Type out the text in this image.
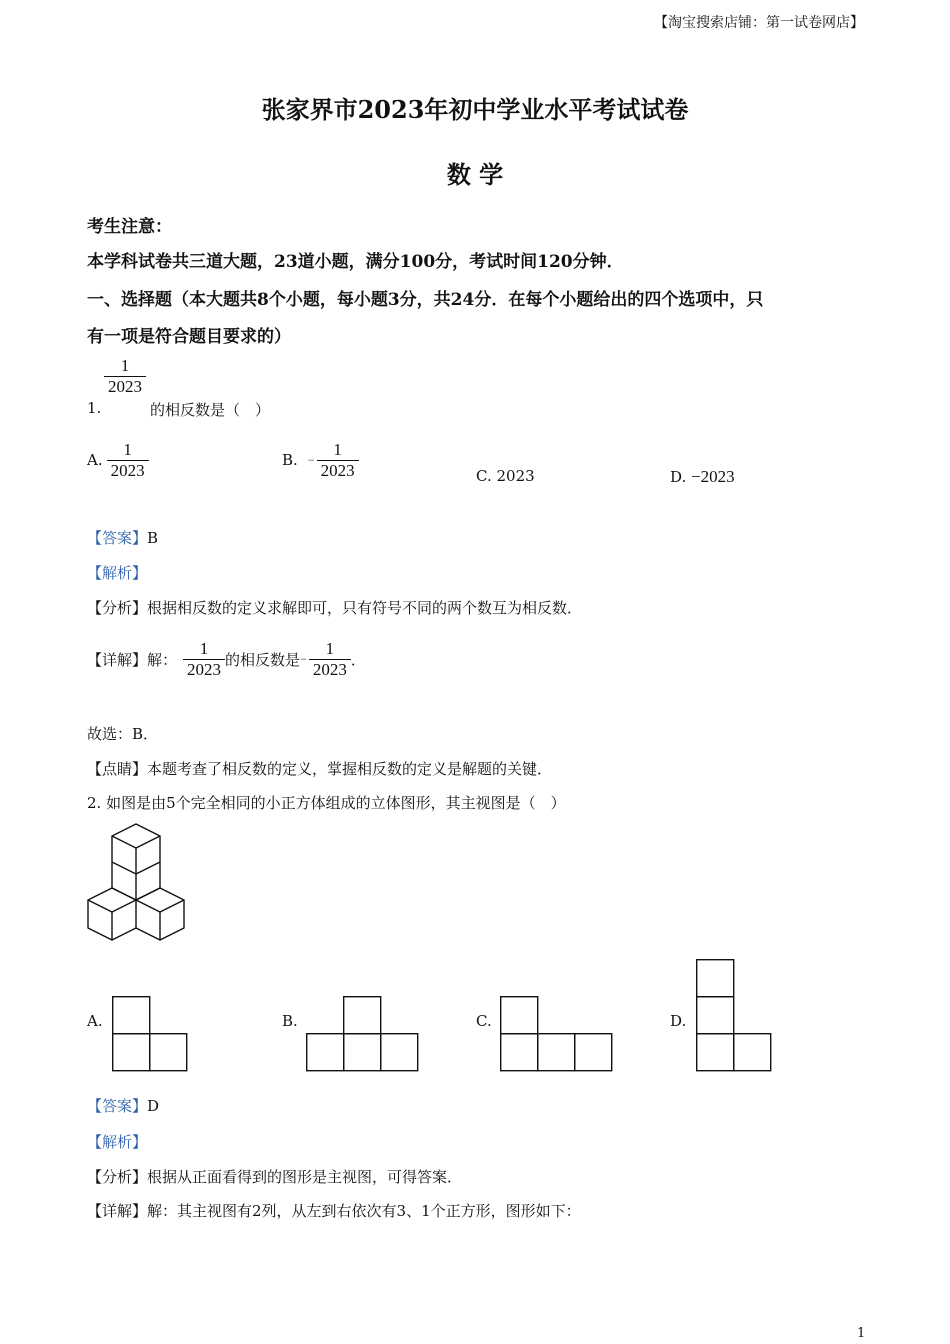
【淘宝搜索店铺：第一试卷网店】
张家界市2023年初中学业水平考试试卷
数 学
考生注意：
本学科试卷共三道大题，23道小题，满分100分，考试时间120分钟．
一、选择题（本大题共8个小题，每小题3分，共24分．在每个小题给出的四个选项中，只
有一项是符合题目要求的）
$\frac{1}{2023}$
1.	的相反数是（　）
A. $\frac{1}{2023}$	B. − $\frac{1}{2023}$	C. 2023	D. −2023
【答案】B
【解析】
【分析】根据相反数的定义求解即可，只有符号不同的两个数互为相反数．
【详解】 解： $\frac{1}{2023}$ 的相反数是 − $\frac{1}{2023}$ ．
故选：B．
【点睛】本题考查了相反数的定义，掌握相反数的定义是解题的关键．
2. 如图是由5个完全相同的小正方体组成的立体图形，其主视图是（　）
A.	B.	C.	D.
【答案】D
【解析】
【分析】根据从正面看得到的图形是主视图，可得答案．
【详解】解：其主视图有2列，从左到右依次有3、1个正方形，图形如下：
1
